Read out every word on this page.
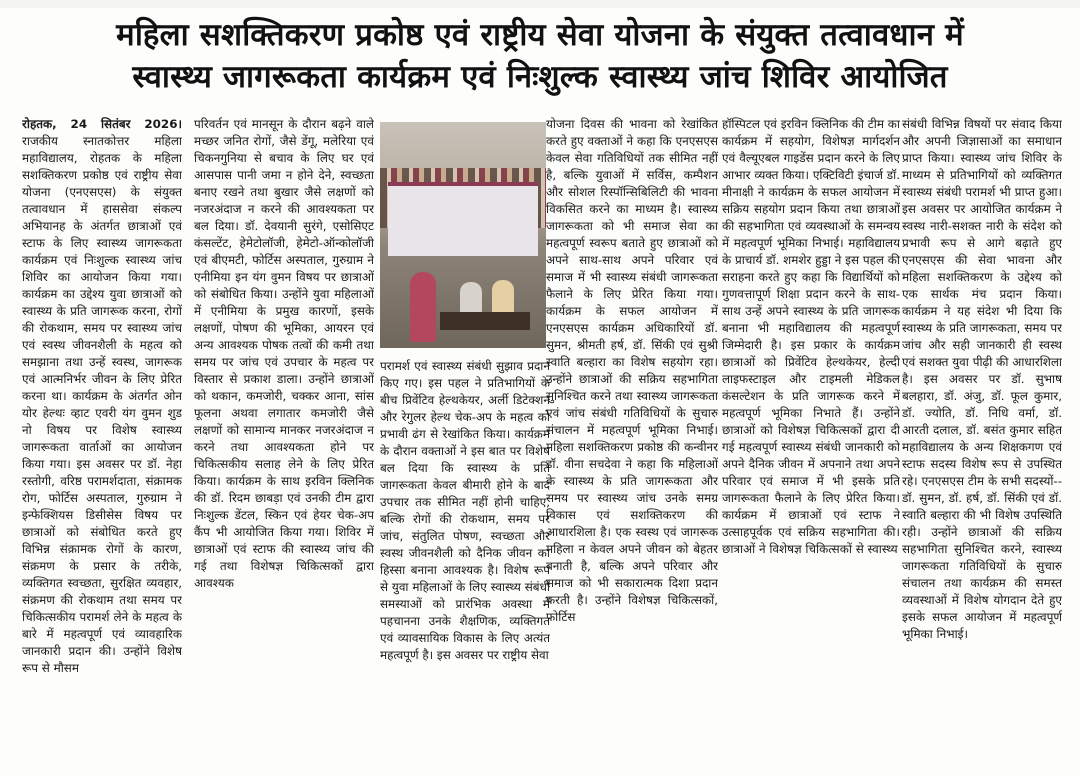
महिला सशक्तिकरण प्रकोष्ठ एवं राष्ट्रीय सेवा योजना के संयुक्त तत्वावधान में
स्वास्थ्य जागरूकता कार्यक्रम एवं निःशुल्क स्वास्थ्य जांच शिविर आयोजित

रोहतक, 24 सितंबर 2026। राजकीय स्नातकोत्तर महिला महाविद्यालय, रोहतक के महिला सशक्तिकरण प्रकोष्ठ एवं राष्ट्रीय सेवा योजना (एनएसएस) के संयुक्त तत्वावधान में हाससेवा संकल्प अभियानह के अंतर्गत छात्राओं एवं स्टाफ के लिए स्वास्थ्य जागरूकता कार्यक्रम एवं निःशुल्क स्वास्थ्य जांच शिविर का आयोजन किया गया। कार्यक्रम का उद्देश्य युवा छात्राओं को स्वास्थ्य के प्रति जागरूक करना, रोगों की रोकथाम, समय पर स्वास्थ्य जांच एवं स्वस्थ जीवनशैली के महत्व को समझाना तथा उन्हें स्वस्थ, जागरूक एवं आत्मनिर्भर जीवन के लिए प्रेरित करना था। कार्यक्रम के अंतर्गत ओन योर हेल्थः व्हाट एवरी यंग वुमन शुड नो विषय पर विशेष स्वास्थ्य जागरूकता वार्ताओं का आयोजन किया गया। इस अवसर पर डॉ. नेहा रस्तोगी, वरिष्ठ परामर्शदाता, संक्रामक रोग, फोर्टिस अस्पताल, गुरुग्राम ने इन्फेक्शियस डिसीसेस विषय पर छात्राओं को संबोधित करते हुए विभिन्न संक्रामक रोगों के कारण, संक्रमण के प्रसार के तरीके, व्यक्तिगत स्वच्छता, सुरक्षित व्यवहार, संक्रमण की रोकथाम तथा समय पर चिकित्सकीय परामर्श लेने के महत्व के बारे में महत्वपूर्ण एवं व्यावहारिक जानकारी प्रदान की। उन्होंने विशेष रूप से मौसम

परिवर्तन एवं मानसून के दौरान बढ़ने वाले मच्छर जनित रोगों, जैसे डेंगू, मलेरिया एवं चिकनगुनिया से बचाव के लिए घर एवं आसपास पानी जमा न होने देने, स्वच्छता बनाए रखने तथा बुखार जैसे लक्षणों को नजरअंदाज न करने की आवश्यकता पर बल दिया। डॉ. देवयानी सुरंगे, एसोसिएट कंसल्टेंट, हेमेटोलॉजी, हेमेटो-ऑन्कोलॉजी एवं बीएमटी, फोर्टिस अस्पताल, गुरुग्राम ने एनीमिया इन यंग वुमन विषय पर छात्राओं को संबोधित किया। उन्होंने युवा महिलाओं में एनीमिया के प्रमुख कारणों, इसके लक्षणों, पोषण की भूमिका, आयरन एवं अन्य आवश्यक पोषक तत्वों की कमी तथा समय पर जांच एवं उपचार के महत्व पर विस्तार से प्रकाश डाला। उन्होंने छात्राओं को थकान, कमजोरी, चक्कर आना, सांस फूलना अथवा लगातार कमजोरी जैसे लक्षणों को सामान्य मानकर नजरअंदाज न करने तथा आवश्यकता होने पर चिकित्सकीय सलाह लेने के लिए प्रेरित किया। कार्यक्रम के साथ इरविन क्लिनिक की डॉ. रिदम छाबड़ा एवं उनकी टीम द्वारा निःशुल्क डेंटल, स्किन एवं हेयर चेक-अप कैंप भी आयोजित किया गया। शिविर में छात्राओं एवं स्टाफ की स्वास्थ्य जांच की गई तथा विशेषज्ञ चिकित्सकों द्वारा आवश्यक

परामर्श एवं स्वास्थ्य संबंधी सुझाव प्रदान किए गए। इस पहल ने प्रतिभागियों के बीच प्रिवेंटिव हेल्थकेयर, अर्ली डिटेक्शन और रेगुलर हेल्थ चेक-अप के महत्व को प्रभावी ढंग से रेखांकित किया। कार्यक्रम के दौरान वक्ताओं ने इस बात पर विशेष बल दिया कि स्वास्थ्य के प्रति जागरूकता केवल बीमारी होने के बाद उपचार तक सीमित नहीं होनी चाहिए, बल्कि रोगों की रोकथाम, समय पर जांच, संतुलित पोषण, स्वच्छता और स्वस्थ जीवनशैली को दैनिक जीवन का हिस्सा बनाना आवश्यक है। विशेष रूप से युवा महिलाओं के लिए स्वास्थ्य संबंधी समस्याओं को प्रारंभिक अवस्था में पहचानना उनके शैक्षणिक, व्यक्तिगत एवं व्यावसायिक विकास के लिए अत्यंत महत्वपूर्ण है। इस अवसर पर राष्ट्रीय सेवा

योजना दिवस की भावना को रेखांकित करते हुए वक्ताओं ने कहा कि एनएसएस केवल सेवा गतिविधियों तक सीमित नहीं है, बल्कि युवाओं में सर्विस, कम्पैशन और सोशल रिस्पॉन्सिबिलिटी की भावना विकसित करने का माध्यम है। स्वास्थ्य जागरूकता को भी समाज सेवा का महत्वपूर्ण स्वरूप बताते हुए छात्राओं को अपने साथ-साथ अपने परिवार एवं समाज में भी स्वास्थ्य संबंधी जागरूकता फैलाने के लिए प्रेरित किया गया। कार्यक्रम के सफल आयोजन में एनएसएस कार्यक्रम अधिकारियों डॉ. सुमन, श्रीमती हर्ष, डॉ. सिंकी एवं सुश्री स्वाति बल्हारा का विशेष सहयोग रहा। उन्होंने छात्राओं की सक्रिय सहभागिता सुनिश्चित करने तथा स्वास्थ्य जागरूकता एवं जांच संबंधी गतिविधियों के सुचारु संचालन में महत्वपूर्ण भूमिका निभाई। महिला सशक्तिकरण प्रकोष्ठ की कन्वीनर डॉ. वीना सचदेवा ने कहा कि महिलाओं के स्वास्थ्य के प्रति जागरूकता और समय पर स्वास्थ्य जांच उनके समग्र विकास एवं सशक्तिकरण की आधारशिला है। एक स्वस्थ एवं जागरूक महिला न केवल अपने जीवन को बेहतर बनाती है, बल्कि अपने परिवार और समाज को भी सकारात्मक दिशा प्रदान करती है। उन्होंने विशेषज्ञ चिकित्सकों, फोर्टिस

हॉस्पिटल एवं इरविन क्लिनिक की टीम का कार्यक्रम में सहयोग, विशेषज्ञ मार्गदर्शन एवं वैल्यूएबल गाइडेंस प्रदान करने के लिए आभार व्यक्त किया। एक्टिविटी इंचार्ज डॉ. मीनाक्षी ने कार्यक्रम के सफल आयोजन में सक्रिय सहयोग प्रदान किया तथा छात्राओं की सहभागिता एवं व्यवस्थाओं के समन्वय में महत्वपूर्ण भूमिका निभाई। महाविद्यालय के प्राचार्य डॉ. शमशेर हुड्डा ने इस पहल की सराहना करते हुए कहा कि विद्यार्थियों को गुणवत्तापूर्ण शिक्षा प्रदान करने के साथ-साथ उन्हें अपने स्वास्थ्य के प्रति जागरूक बनाना भी महाविद्यालय की महत्वपूर्ण जिम्मेदारी है। इस प्रकार के कार्यक्रम छात्राओं को प्रिवेंटिव हेल्थकेयर, हेल्दी लाइफस्टाइल और टाइमली मेडिकल कंसल्टेशन के प्रति जागरूक करने में महत्वपूर्ण भूमिका निभाते हैं। उन्होंने छात्राओं को विशेषज्ञ चिकित्सकों द्वारा दी गई महत्वपूर्ण स्वास्थ्य संबंधी जानकारी को अपने दैनिक जीवन में अपनाने तथा अपने परिवार एवं समाज में भी इसके प्रति जागरूकता फैलाने के लिए प्रेरित किया। कार्यक्रम में छात्राओं एवं स्टाफ ने उत्साहपूर्वक एवं सक्रिय सहभागिता की। छात्राओं ने विशेषज्ञ चिकित्सकों से स्वास्थ्य

संबंधी विभिन्न विषयों पर संवाद किया और अपनी जिज्ञासाओं का समाधान प्राप्त किया। स्वास्थ्य जांच शिविर के माध्यम से प्रतिभागियों को व्यक्तिगत स्वास्थ्य संबंधी परामर्श भी प्राप्त हुआ। इस अवसर पर आयोजित कार्यक्रम ने स्वस्थ नारी-सशक्त नारी के संदेश को प्रभावी रूप से आगे बढ़ाते हुए एनएसएस की सेवा भावना और महिला सशक्तिकरण के उद्देश्य को एक सार्थक मंच प्रदान किया। कार्यक्रम ने यह संदेश भी दिया कि स्वास्थ्य के प्रति जागरूकता, समय पर जांच और सही जानकारी ही स्वस्थ एवं सशक्त युवा पीढ़ी की आधारशिला है। इस अवसर पर डॉ. सुभाष बलहारा, डॉ. अंजु, डॉ. फूल कुमार, डॉ. ज्योति, डॉ. निधि वर्मा, डॉ. आरती दलाल, डॉ. बसंत कुमार सहित महाविद्यालय के अन्य शिक्षकगण एवं स्टाफ सदस्य विशेष रूप से उपस्थित रहे। एनएसएस टीम के सभी सदस्यों-- डॉ. सुमन, डॉ. हर्ष, डॉ. सिंकी एवं डॉ. स्वाति बल्हारा की भी विशेष उपस्थिति रही। उन्होंने छात्राओं की सक्रिय सहभागिता सुनिश्चित करने, स्वास्थ्य जागरूकता गतिविधियों के सुचारु संचालन तथा कार्यक्रम की समस्त व्यवस्थाओं में विशेष योगदान देते हुए इसके सफल आयोजन में महत्वपूर्ण भूमिका निभाई।
